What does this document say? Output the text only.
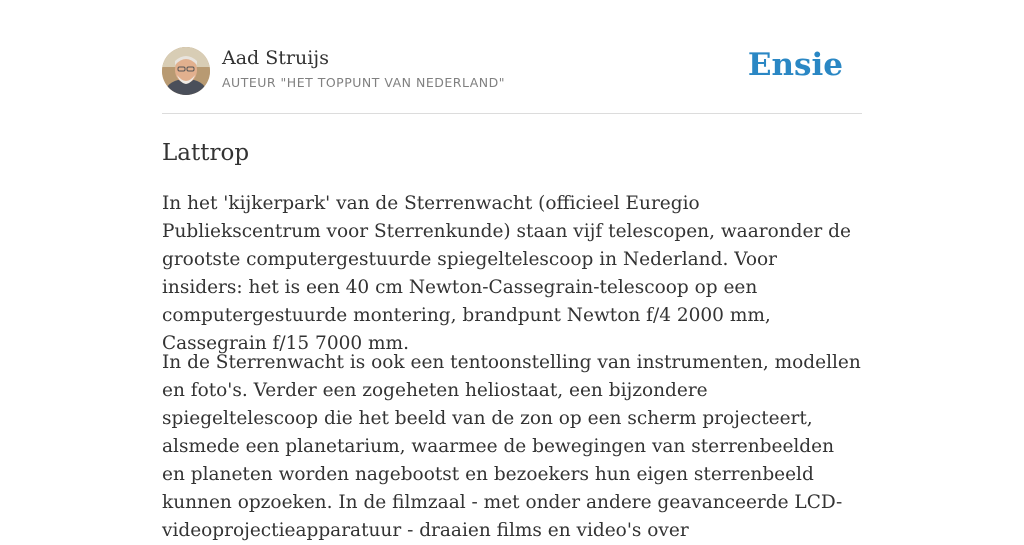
Aad Struijs
AUTEUR "HET TOPPUNT VAN NEDERLAND"	Ensie
Lattrop

In het 'kijkerpark' van de Sterrenwacht (officieel Euregio Publiekscentrum voor Sterrenkunde) staan vijf telescopen, waaronder de grootste computergestuurde spiegeltelescoop in Nederland. Voor insiders: het is een 40 cm Newton-Cassegrain-telescoop op een computergestuurde montering, brandpunt Newton f/4 2000 mm, Cassegrain f/15 7000 mm.

In de Sterrenwacht is ook een tentoonstelling van instrumenten, modellen en foto's. Verder een zogeheten heliostaat, een bijzondere spiegeltelescoop die het beeld van de zon op een scherm projecteert, alsmede een planetarium, waarmee de bewegingen van sterrenbeelden en planeten worden nagebootst en bezoekers hun eigen sterrenbeeld kunnen opzoeken. In de filmzaal - met onder andere geavanceerde LCD-videoprojectieapparatuur - draaien films en video's over
